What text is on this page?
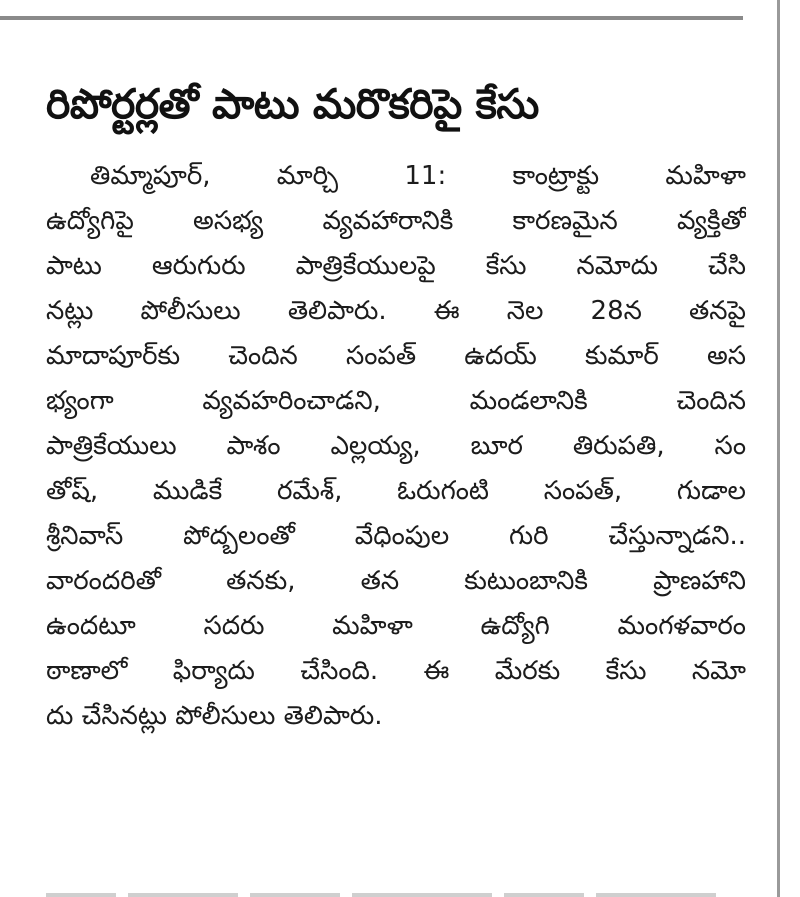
రిపోర్టర్లతో పాటు మరొకరిపై కేసు
తిమ్మాపూర్, మార్చి 11: కాంట్రాక్టు మహిళా
ఉద్యోగిపై అసభ్య వ్యవహారానికి కారణమైన వ్యక్తితో
పాటు ఆరుగురు పాత్రికేయులపై కేసు నమోదు చేసి
నట్లు పోలీసులు తెలిపారు. ఈ నెల 28న తనపై
మాదాపూర్‌కు చెందిన సంపత్ ఉదయ్ కుమార్ అస
భ్యంగా వ్యవహరించాడని, మండలానికి చెందిన
పాత్రికేయులు పాశం ఎల్లయ్య, బూర తిరుపతి, సం
తోష్, ముడికే రమేశ్, ఓరుగంటి సంపత్, గుడాల
శ్రీనివాస్ పోద్బలంతో వేధింపుల గురి చేస్తున్నాడని..
వారందరితో తనకు, తన కుటుంబానికి ప్రాణహాని
ఉందటూ సదరు మహిళా ఉద్యోగి మంగళవారం
ఠాణాలో ఫిర్యాదు చేసింది. ఈ మేరకు కేసు నమో
దు చేసినట్లు పోలీసులు తెలిపారు.
